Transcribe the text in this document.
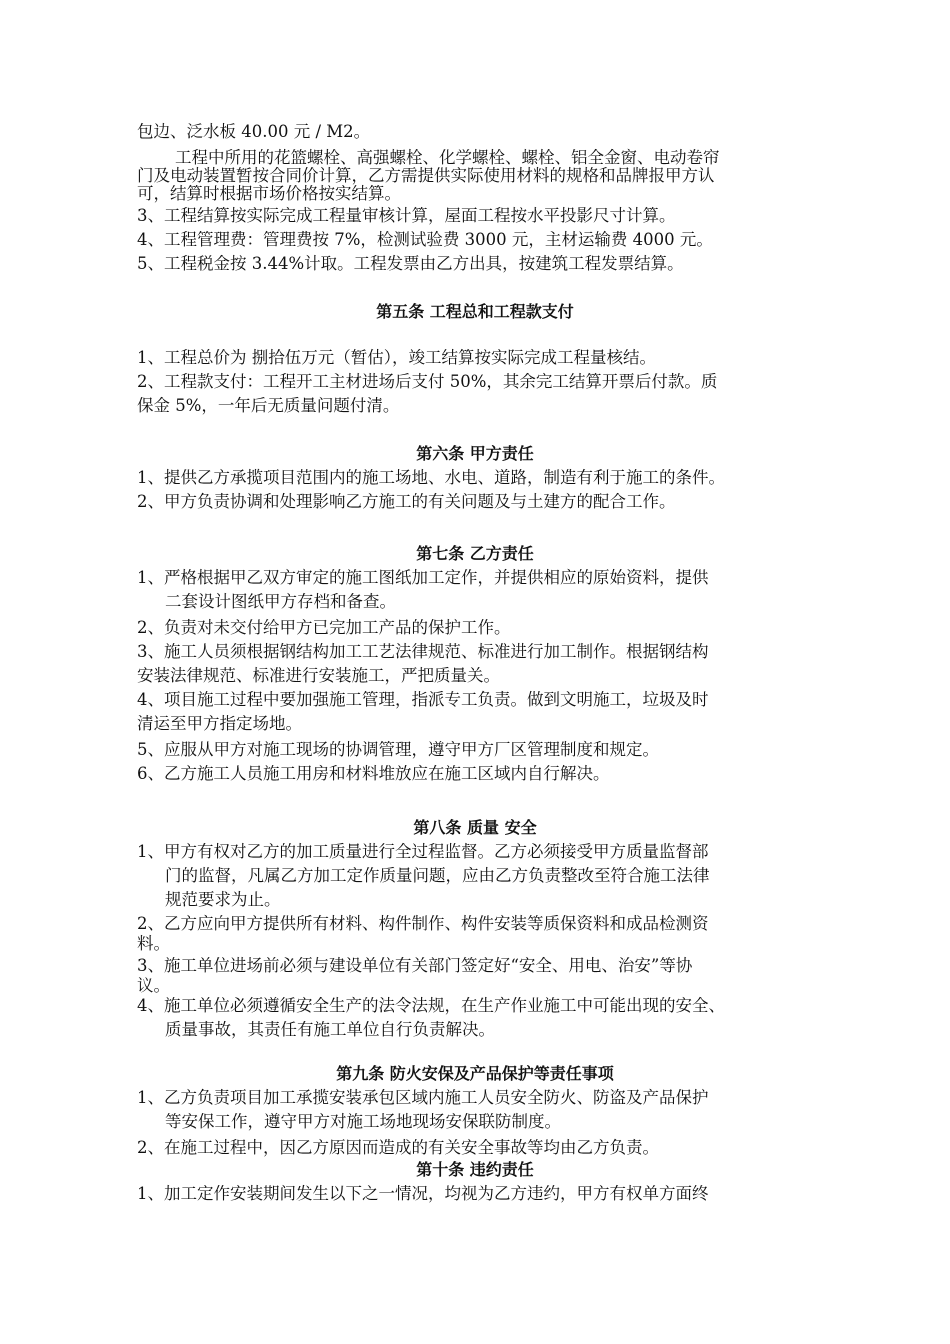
包边、泛水板 40.00 元 / M2。
工程中所用的花篮螺栓、高强螺栓、化学螺栓、螺栓、铝全金窗、电动卷帘
门及电动装置暂按合同价计算，乙方需提供实际使用材料的规格和品牌报甲方认
可，结算时根据市场价格按实结算。
3、工程结算按实际完成工程量审核计算，屋面工程按水平投影尺寸计算。
4、工程管理费：管理费按 7%，检测试验费 3000 元，主材运输费 4000 元。
5、工程税金按 3.44%计取。工程发票由乙方出具，按建筑工程发票结算。
第五条 工程总和工程款支付
1、工程总价为 捌拾伍万元（暂估），竣工结算按实际完成工程量核结。
2、工程款支付：工程开工主材进场后支付 50%，其余完工结算开票后付款。质
保金 5%，一年后无质量问题付清。
第六条 甲方责任
1、提供乙方承揽项目范围内的施工场地、水电、道路，制造有利于施工的条件。
2、甲方负责协调和处理影响乙方施工的有关问题及与土建方的配合工作。
第七条 乙方责任
1、严格根据甲乙双方审定的施工图纸加工定作，并提供相应的原始资料，提供
二套设计图纸甲方存档和备查。
2、负责对未交付给甲方已完加工产品的保护工作。
3、施工人员须根据钢结构加工工艺法律规范、标准进行加工制作。根据钢结构
安装法律规范、标准进行安装施工，严把质量关。
4、项目施工过程中要加强施工管理，指派专工负责。做到文明施工，垃圾及时
清运至甲方指定场地。
5、应服从甲方对施工现场的协调管理，遵守甲方厂区管理制度和规定。
6、乙方施工人员施工用房和材料堆放应在施工区域内自行解决。
第八条 质量 安全
1、甲方有权对乙方的加工质量进行全过程监督。乙方必须接受甲方质量监督部
门的监督，凡属乙方加工定作质量问题，应由乙方负责整改至符合施工法律
规范要求为止。
2、乙方应向甲方提供所有材料、构件制作、构件安装等质保资料和成品检测资
料。
3、施工单位进场前必须与建设单位有关部门签定好“安全、用电、治安”等协
议。
4、施工单位必须遵循安全生产的法令法规，在生产作业施工中可能出现的安全、
质量事故，其责任有施工单位自行负责解决。
第九条 防火安保及产品保护等责任事项
1、乙方负责项目加工承揽安装承包区域内施工人员安全防火、防盗及产品保护
等安保工作，遵守甲方对施工场地现场安保联防制度。
2、在施工过程中，因乙方原因而造成的有关安全事故等均由乙方负责。
第十条 违约责任
1、加工定作安装期间发生以下之一情况，均视为乙方违约，甲方有权单方面终
